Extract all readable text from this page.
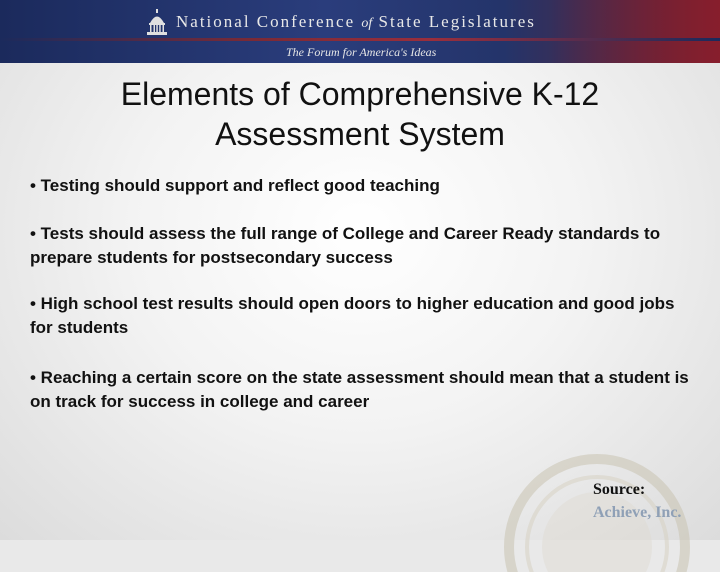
National Conference of State Legislatures
The Forum for America's Ideas
Elements of Comprehensive K-12
Assessment System

• Testing should support and reflect good teaching

• Tests should assess the full range of College and Career Ready standards to prepare students for postsecondary success

• High school test results should open doors to higher education and good jobs for students

• Reaching a certain score on the state assessment should mean that a student is on track for success in college and career

Source:
Achieve, Inc.
